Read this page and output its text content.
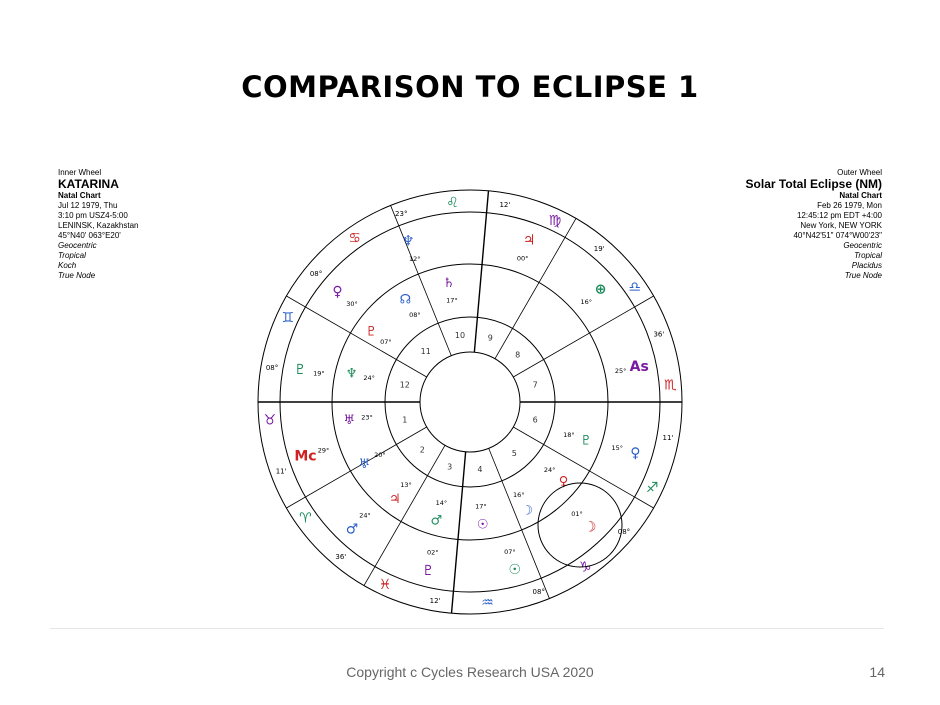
COMPARISON TO ECLIPSE 1
Inner Wheel
KATARINA
Natal Chart
Jul 12 1979, Thu
3:10 pm USZ4-5:00
LENINSK, Kazakhstan
45°N40' 063°E20'
Geocentric
Tropical
Koch
True Node
Outer Wheel
Solar Total Eclipse (NM)
Natal Chart
Feb 26 1979, Mon
12:45:12 pm EDT +4:00
New York, NEW YORK
40°N42'51" 074°W00'23"
Geocentric
Tropical
Placidus
True Node
1
2
3	4
5
6
7
8
9
10
11
12
♌
♍
♎
♏
♐
♑
♒
♓
♈
♉
♊
♋
12'
19'
36'
11'
08°
08°
12'
36'
11'
08°
08°
23°
♃
00°
⊕
16°
As
25°
♀
15°
☽
01°
☉
07°
♇
02°
♂
24°
Mc 29°
♇ 19°
♀
30°
♆
12°
♄
17°
☊
08°
♇
07°
♆ 24°
♅ 23°
♅
20°
♃
13°
♂
14°
☉
17°	☽
16°
♀
24°
♇
18°
Copyright c Cycles Research USA 2020	14
